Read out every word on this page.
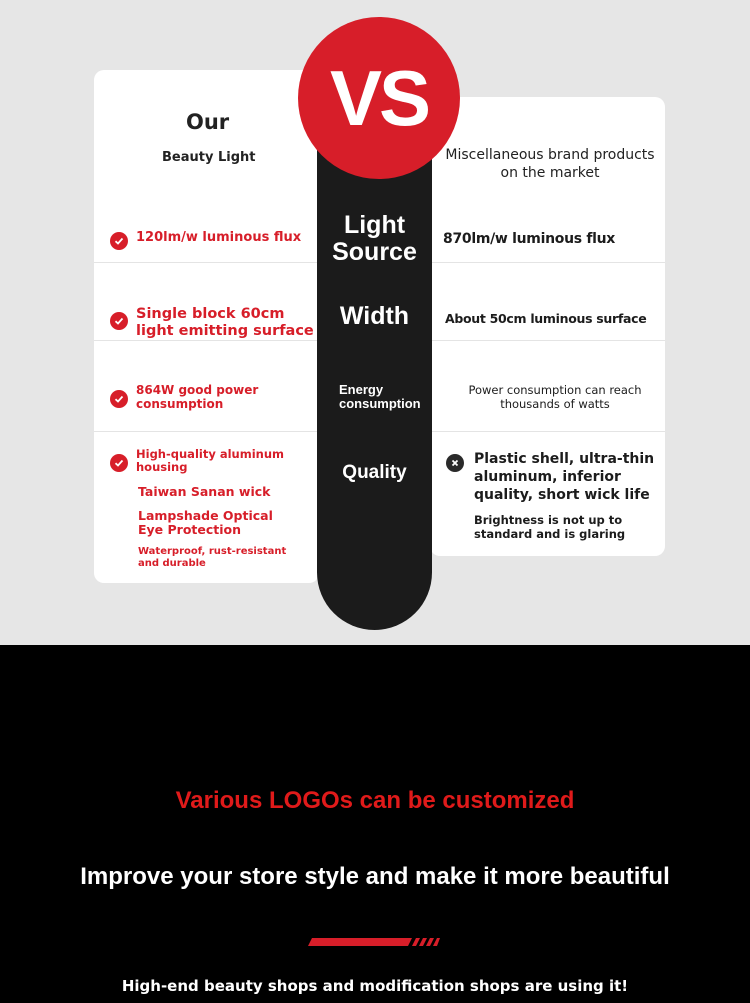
VS
Our
Beauty Light	Miscellaneous brand products on the market
Light
Source
Width
Energy
consumption
Quality
120lm/w luminous flux
Single block 60cm light emitting surface
864W good power consumption
High-quality aluminum housing
Taiwan Sanan wick
Lampshade Optical Eye Protection
Waterproof, rust-resistant and durable
870lm/w luminous flux
About 50cm luminous surface
Power consumption can reach thousands of watts
Plastic shell, ultra-thin aluminum, inferior quality, short wick life
Brightness is not up to standard and is glaring
Various LOGOs can be customized
Improve your store style and make it more beautiful
High-end beauty shops and modification shops are using it!
